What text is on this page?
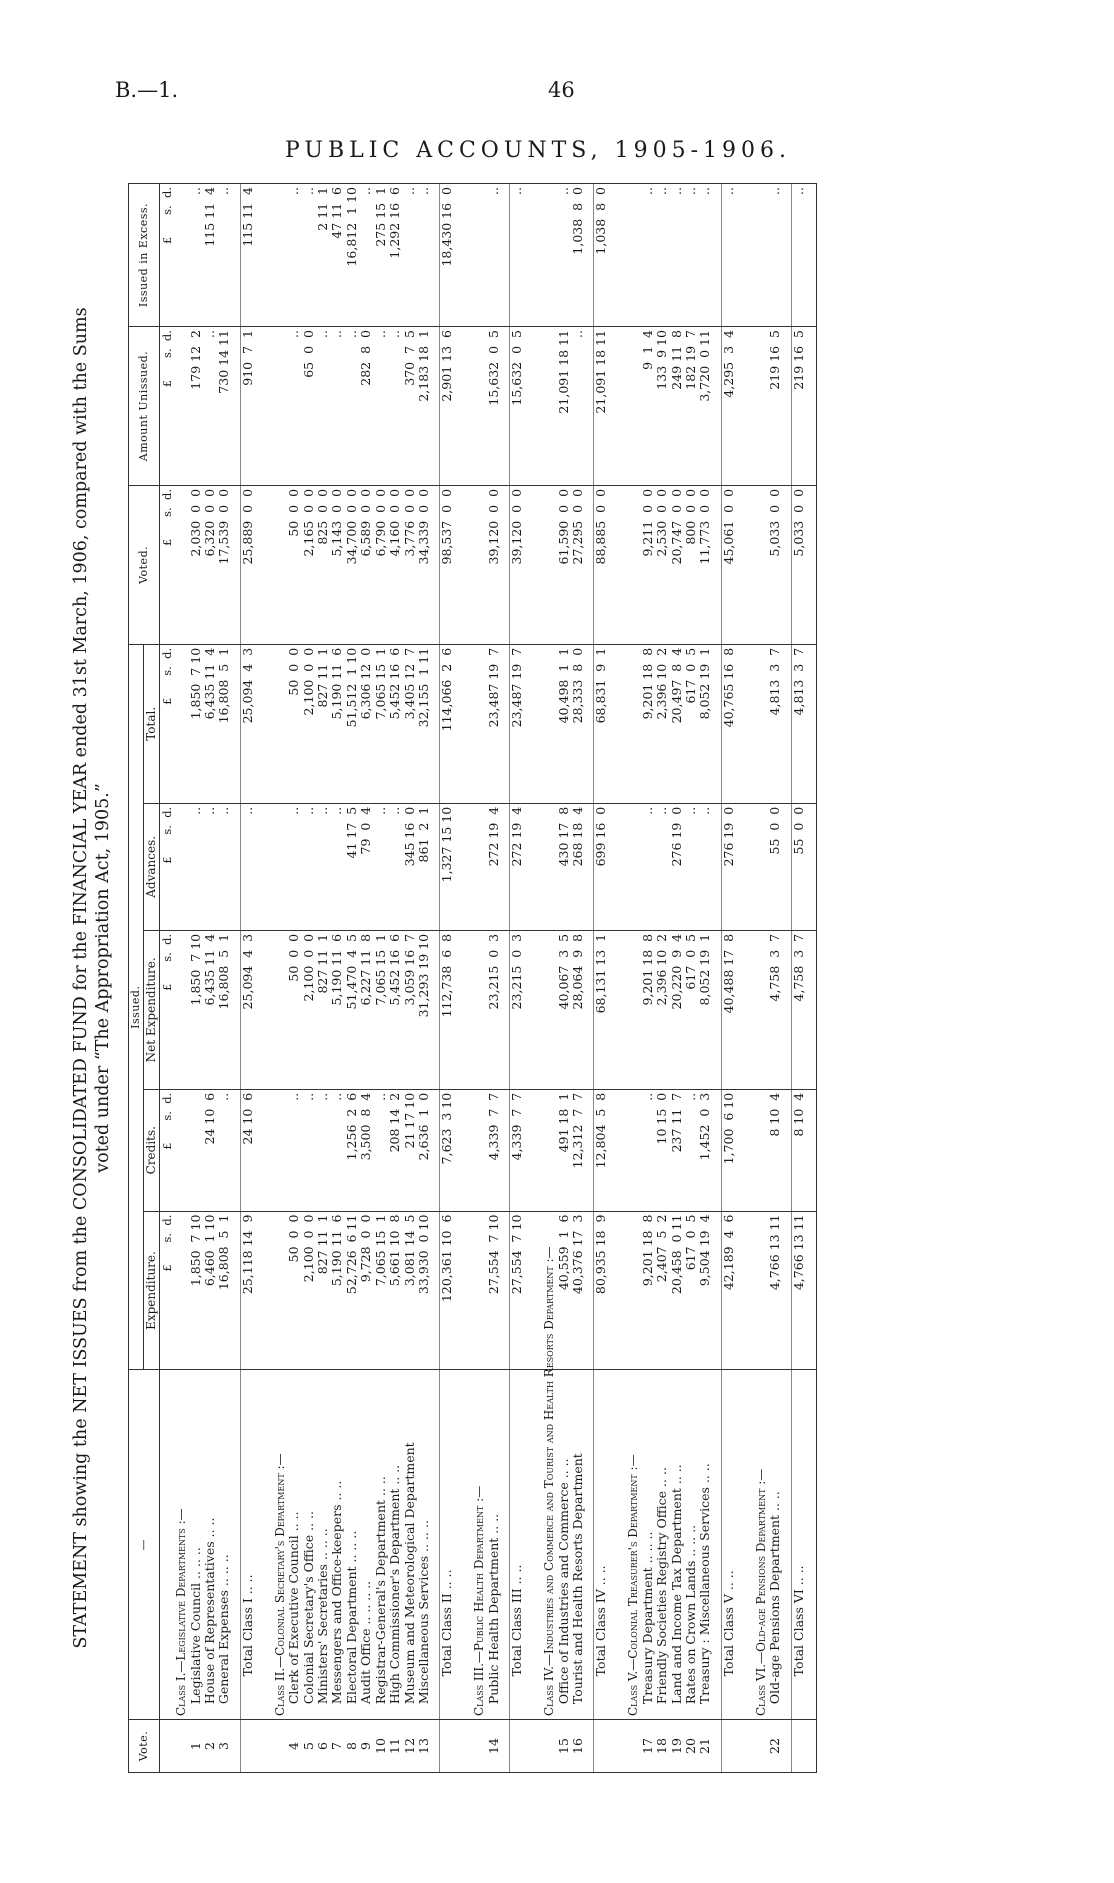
B.—1.	46
PUBLIC ACCOUNTS, 1905-1906.
STATEMENT showing the NET ISSUES from the CONSOLIDATED FUND for the FINANCIAL YEAR ended 31st March, 1906, compared with the Sums voted under “The Appropriation Act, 1905.”
Vote.	—	Issued.					Voted.	Amount Unissued.	Issued in Excess.
		Expenditure.	Credits.	Net Expenditure.	Advances.	Total.			
		£      s.  d.	£      s.  d.	£      s.  d.	£      s.  d.	£      s.  d.	£      s.  d.	£      s.  d.	£      s.  d.
	Class I.—Legislative Departments :—								
1	Legislative Council .. .. ..	1,850  7 10		1,850  7 10	..	1,850  7 10	2,030  0  0	179 12  2	..
2	House of Representatives .. ..	6,460  1 10	24 10  6	6,435 11  4	..	6,435 11  4	6,320  0  0	..	115 11  4
3	General Expenses .. .. ..	16,808  5  1	..	16,808  5  1	..	16,808  5  1	17,539  0  0	730 14 11	..

	Total Class I .. ..	25,118 14  9	24 10  6	25,094  4  3	..	25,094  4  3	25,889  0  0	910  7  1	115 11  4

	Class II.—Colonial Secretary's Department :—								
4	Clerk of Executive Council .. ..	50  0  0	..	50  0  0	..	50  0  0	50  0  0	..	..
5	Colonial Secretary's Office .. ..	2,100  0  0	..	2,100  0  0	..	2,100  0  0	2,165  0  0	65  0  0	..
6	Ministers' Secretaries .. .. ..	827 11  1	..	827 11  1	..	827 11  1	825  0  0	..	2 11  1
7	Messengers and Office-keepers .. ..	5,190 11  6	..	5,190 11  6	..	5,190 11  6	5,143  0  0	..	47 11  6
8	Electoral Department .. .. ..	52,726  6 11	1,256  2  6	51,470  4  5	41 17  5	51,512  1 10	34,700  0  0	..	16,812  1 10
9	Audit Office .. .. .. ..	9,728  0  0	3,500  8  4	6,227 11  8	79  0  4	6,306 12  0	6,589  0  0	282  8  0	..
10	Registrar-General's Department .. ..	7,065 15  1	..	7,065 15  1	..	7,065 15  1	6,790  0  0	..	275 15  1
11	High Commissioner's Department .. ..	5,661 10  8	208 14  2	5,452 16  6	..	5,452 16  6	4,160  0  0	..	1,292 16  6
12	Museum and Meteorological Department	3,081 14  5	21 17 10	3,059 16  7	345 16  0	3,405 12  7	3,776  0  0	370  7  5	..
13	Miscellaneous Services .. .. ..	33,930  0 10	2,636  1  0	31,293 19 10	861  2  1	32,155  1 11	34,339  0  0	2,183 18  1	..

	Total Class II .. ..	120,361 10  6	7,623  3 10	112,738  6  8	1,327 15 10	114,066  2  6	98,537  0  0	2,901 13  6	18,430 16  0

	Class III.—Public Health Department :—								
14	Public Health Department .. ..	27,554  7 10	4,339  7  7	23,215  0  3	272 19  4	23,487 19  7	39,120  0  0	15,632  0  5	..

	Total Class III .. ..	27,554  7 10	4,339  7  7	23,215  0  3	272 19  4	23,487 19  7	39,120  0  0	15,632  0  5	..

	Class IV.—Industries and Commerce and Tourist and Health Resorts Department :—								
15	Office of Industries and Commerce .. ..	40,559  1  6	491 18  1	40,067  3  5	430 17  8	40,498  1  1	61,590  0  0	21,091 18 11	..
16	Tourist and Health Resorts Department	40,376 17  3	12,312  7  7	28,064  9  8	268 18  4	28,333  8  0	27,295  0  0	..	1,038  8  0

	Total Class IV .. ..	80,935 18  9	12,804  5  8	68,131 13  1	699 16  0	68,831  9  1	88,885  0  0	21,091 18 11	1,038  8  0

	Class V.—Colonial Treasurer's Department :—								
17	Treasury Department .. .. ..	9,201 18  8	..	9,201 18  8	..	9,201 18  8	9,211  0  0	9  1  4	..
18	Friendly Societies Registry Office .. ..	2,407  5  2	10 15  0	2,396 10  2	..	2,396 10  2	2,530  0  0	133  9 10	..
19	Land and Income Tax Department .. ..	20,458  0 11	237 11  7	20,220  9  4	276 19  0	20,497  8  4	20,747  0  0	249 11  8	..
20	Rates on Crown Lands .. .. ..	617  0  5	..	617  0  5	..	617  0  5	800  0  0	182 19  7	..
21	Treasury : Miscellaneous Services .. ..	9,504 19  4	1,452  0  3	8,052 19  1	..	8,052 19  1	11,773  0  0	3,720  0 11	..

	Total Class V .. ..	42,189  4  6	1,700  6 10	40,488 17  8	276 19  0	40,765 16  8	45,061  0  0	4,295  3  4	..

	Class VI.—Old-age Pensions Department :—								
22	Old-age Pensions Department .. ..	4,766 13 11	8 10  4	4,758  3  7	55  0  0	4,813  3  7	5,033  0  0	219 16  5	..

	Total Class VI .. ..	4,766 13 11	8 10  4	4,758  3  7	55  0  0	4,813  3  7	5,033  0  0	219 16  5	..
